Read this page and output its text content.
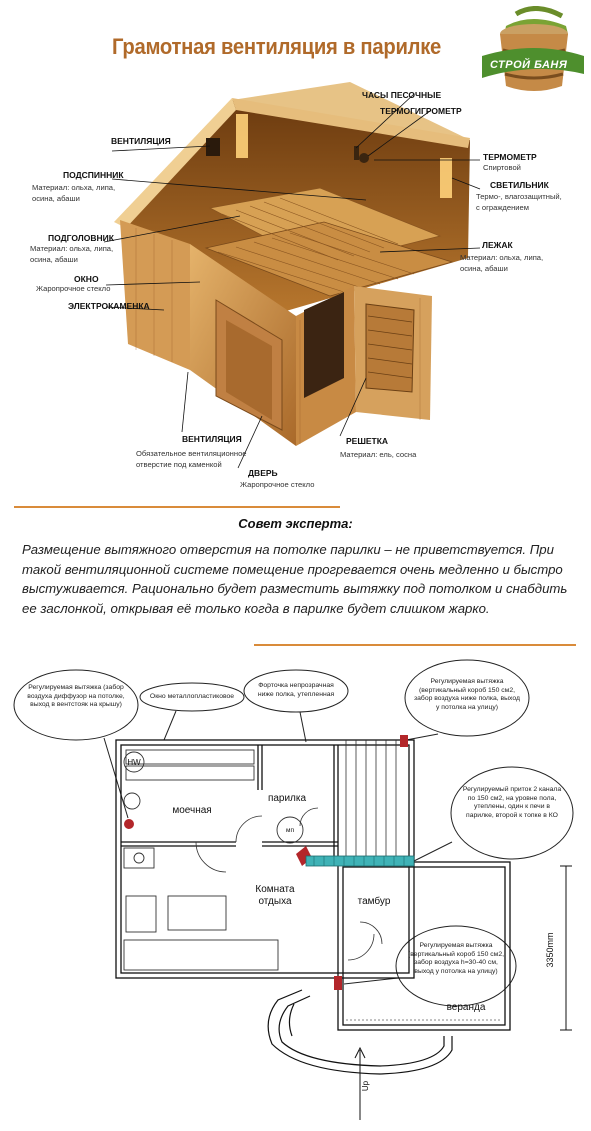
Грамотная вентиляция в парилке
СТРОЙ БАНЯ
ЧАСЫ ПЕСОЧНЫЕ
ТЕРМОГИГРОМЕТР
ВЕНТИЛЯЦИЯ
ТЕРМОМЕТР
Спиртовой
ПОДСПИННИК
Материал: ольха, липа,
осина, абаши
СВЕТИЛЬНИК
Термо-, влагозащитный,
с ограждением
ПОДГОЛОВНИК
Материал: ольха, липа,
осина, абаши
ЛЕЖАК
Материал: ольха, липа,
осина, абаши
ОКНО
Жаропрочное стекло
ЭЛЕКТРОКАМЕНКА
ВЕНТИЛЯЦИЯ
Обязательное вентиляционное
отверстие под каменкой
РЕШЕТКА
Материал: ель, сосна
ДВЕРЬ
Жаропрочное стекло
Совет эксперта:
Размещение вытяжного отверстия на потолке парилки – не приветствуется. При такой вентиляционной системе помещение прогревается очень медленно и быстро выстуживается. Рационально будет разместить вытяжку под потолком и снабдить ее заслонкой, открывая её только когда в парилке будет слишком жарко.
Регулируемая вытяжка (забор воздуха диффузор на потолке, выход в вентстояк на крышу)
Окно металлопластиковое
Форточка непрозрачная ниже полка, утепленная
Регулируемая вытяжка (вертикальный короб 150 см2, забор воздуха ниже полка, выход у потолка на улицу)
Регулируемый приток 2 канала по 150 см2, на уровне пола, утеплены, один к печи в парилке, второй к топке в КО
Регулируемая вытяжка (вертикальный короб 150 см2, забор воздуха h=30-40 см, выход у потолка на улицу)
моечная
парилка
Комната
отдыха	тамбур
веранда
HW
мп
3350mm
Up
